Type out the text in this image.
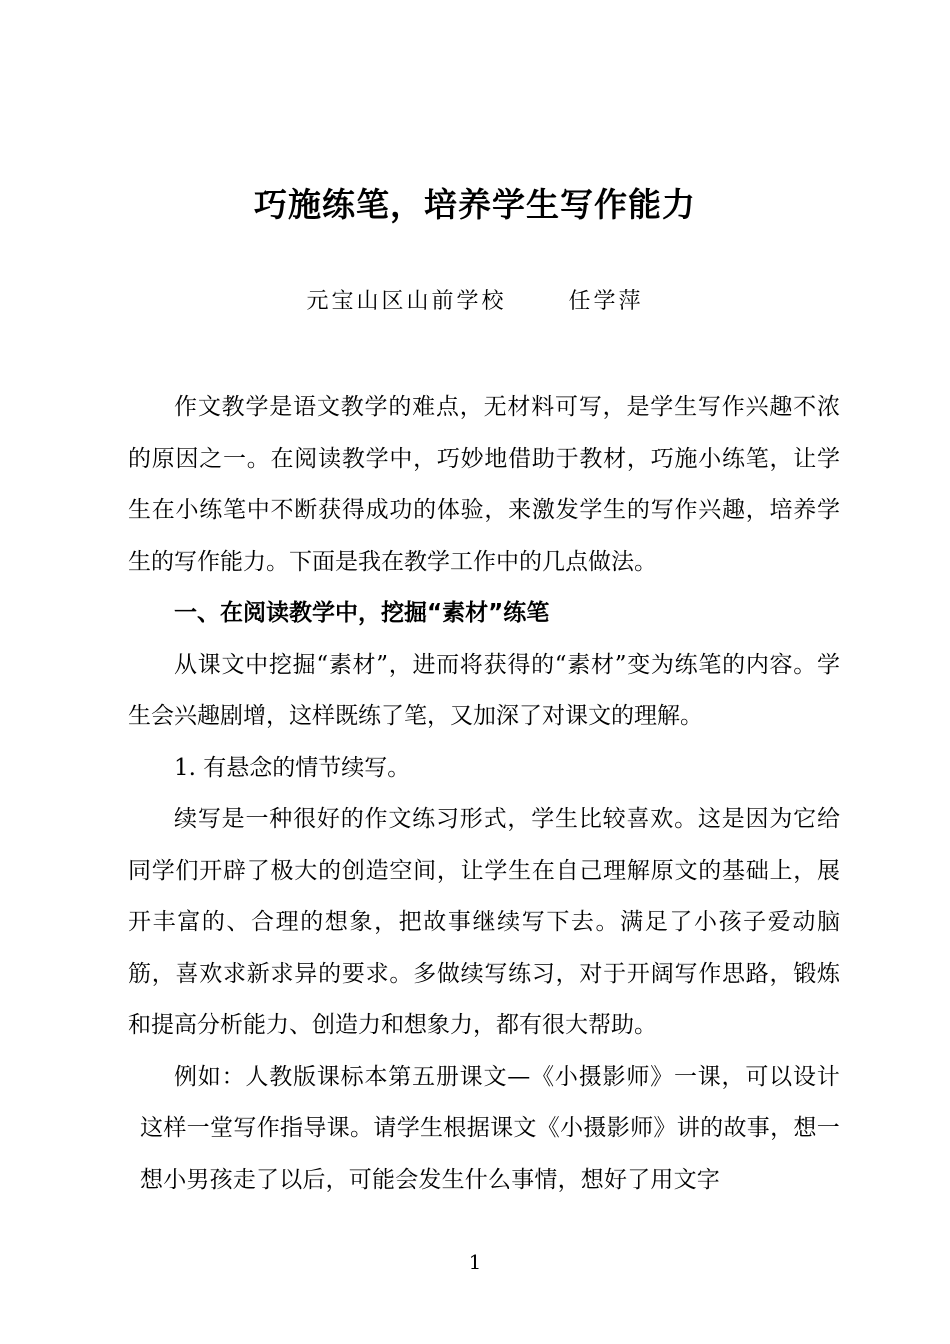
巧施练笔，培养学生写作能力
元宝山区山前学校	任学萍

作文教学是语文教学的难点，无材料可写，是学生写作兴趣不浓的原因之一。在阅读教学中，巧妙地借助于教材，巧施小练笔，让学生在小练笔中不断获得成功的体验，来激发学生的写作兴趣，培养学生的写作能力。下面是我在教学工作中的几点做法。

一、在阅读教学中，挖掘“素材”练笔

从课文中挖掘“素材”，进而将获得的“素材”变为练笔的内容。学生会兴趣剧增，这样既练了笔，又加深了对课文的理解。

1. 有悬念的情节续写。

续写是一种很好的作文练习形式，学生比较喜欢。这是因为它给同学们开辟了极大的创造空间，让学生在自己理解原文的基础上，展开丰富的、合理的想象，把故事继续写下去。满足了小孩子爱动脑筋，喜欢求新求异的要求。多做续写练习，对于开阔写作思路，锻炼和提高分析能力、创造力和想象力，都有很大帮助。

例如：人教版课标本第五册课文—《小摄影师》一课，可以设计这样一堂写作指导课。请学生根据课文《小摄影师》讲的故事，想一想小男孩走了以后，可能会发生什么事情，想好了用文字

1
